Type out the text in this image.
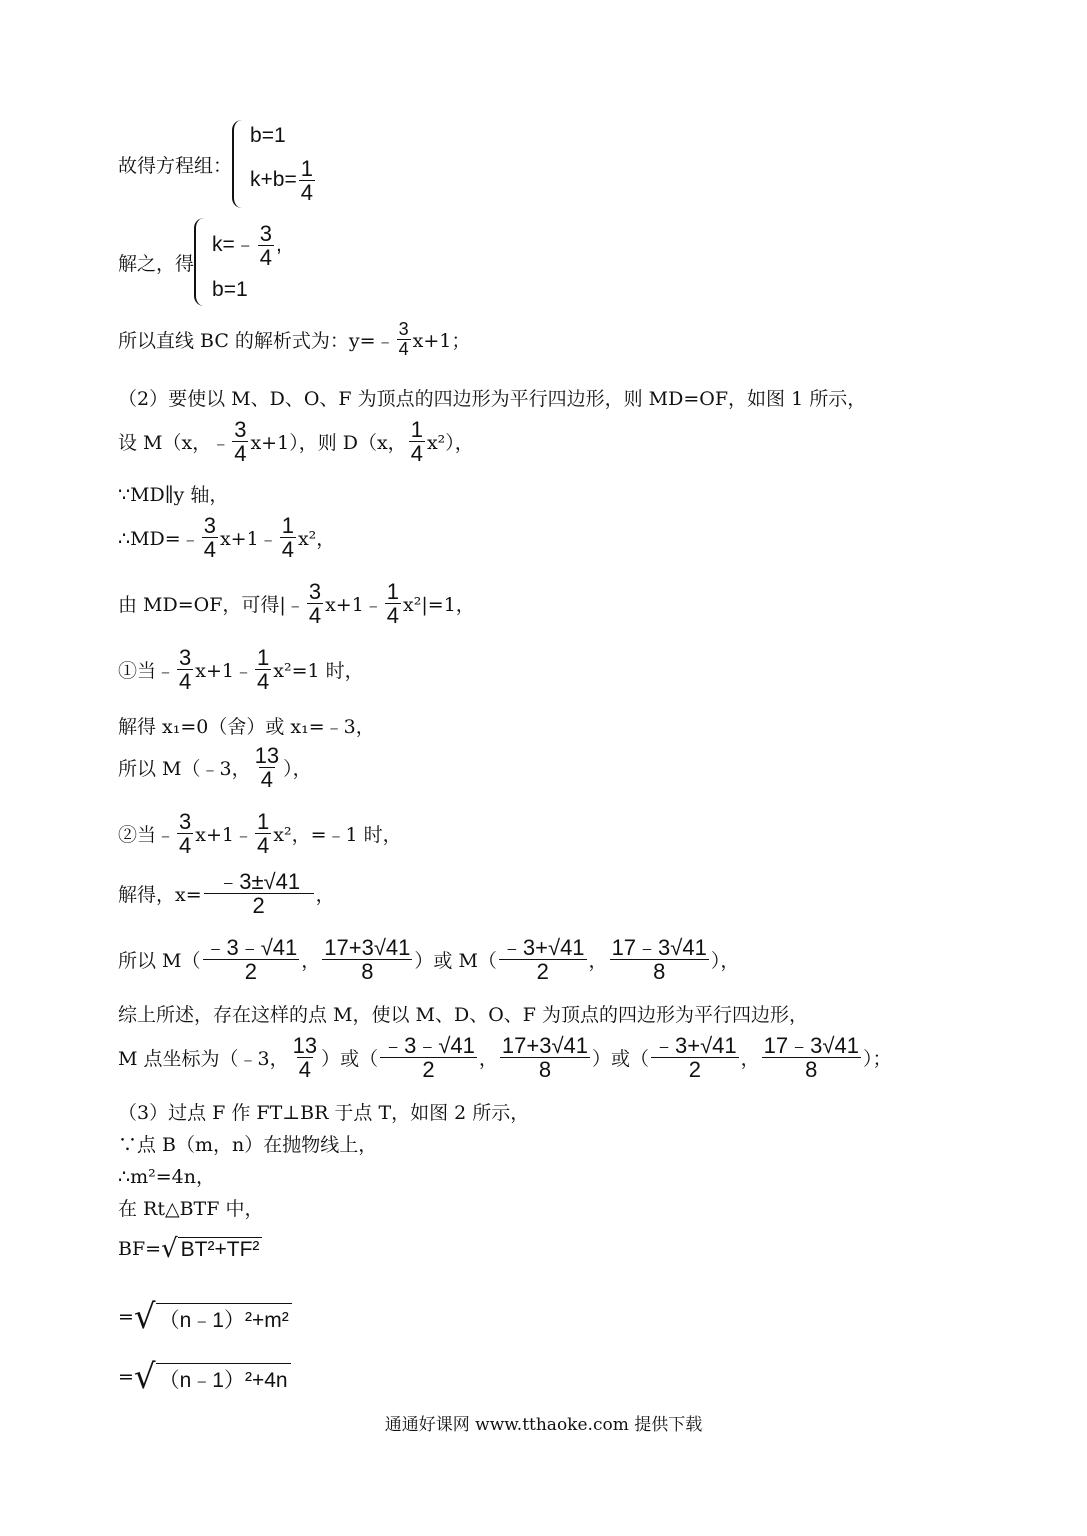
故得方程组：
b=1
$k+b= \frac{1}{4}$
解之，得
k=﹣ $\frac{3}{4}$ ,
b=1
所以直线 BC 的解析式为：y=﹣ $\frac{3}{4} x+1$；
（2）要使以 M、D、O、F 为顶点的四边形为平行四边形，则 MD=OF，如图 1 所示，
设 M（x，﹣ $\frac{3}{4} x+1$），则 D（x， $\frac{1}{4} x^2$），
∵MD∥y 轴，
∴MD=﹣ $\frac{3}{4}$ x+1﹣ $\frac{1}{4} x^2$，
由 MD=OF，可得|﹣ $\frac{3}{4}$ x+1﹣ $\frac{1}{4} x^2|=1$，
①当﹣ $\frac{3}{4}$ x+1﹣ $\frac{1}{4} x^2=1$ 时，
解得 x₁=0（舍）或 x₁=﹣3，
所以 M（﹣3， $\frac{13}{4}$ ），
②当﹣ $\frac{3}{4}$ x+1﹣ $\frac{1}{4} x^2$，=﹣1 时，
解得，$x= \frac{﹣3\pm√41}{2}$ ，
所以 $M( \frac{﹣3﹣√41}{2}$ ， $\frac{17+3√41}{8}$ ）或 $M( \frac{﹣3+√41}{2}$ ， $\frac{17﹣3√41}{8}$ ），
综上所述，存在这样的点 M，使以 M、D、O、F 为顶点的四边形为平行四边形，
M 点坐标为（﹣3， $\frac{13}{4}$ ）或（ $\frac{﹣3﹣√41}{2}$ ， $\frac{17+3√41}{8}$ ）或（ $\frac{﹣3+√41}{2}$ ， $\frac{17﹣3√41}{8}$ ）；
（3）过点 F 作 FT⊥BR 于点 T，如图 2 所示，
∵点 B（m，n）在抛物线上，
∴m²=4n，
在 Rt△BTF 中，
BF= √ BT²+TF²
= √ （n﹣1）²+m²
= √ （n﹣1）²+4n
通通好课网 www.tthaoke.com 提供下载
